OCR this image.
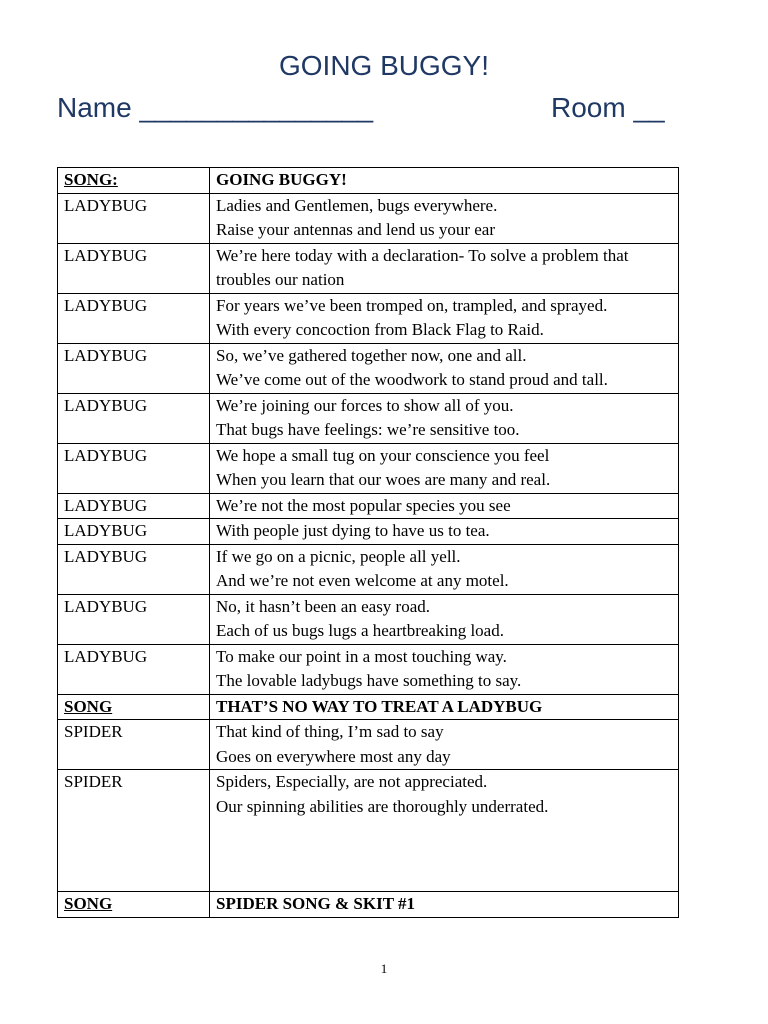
GOING BUGGY!
Name _______________	Room __
SONG:	GOING BUGGY!

LADYBUG	Ladies and Gentlemen, bugs everywhere.
Raise your antennas and lend us your ear

LADYBUG	We’re here today with a declaration- To solve a problem that troubles our nation

LADYBUG	For years we’ve been tromped on, trampled, and sprayed.
With every concoction from Black Flag to Raid.

LADYBUG	So, we’ve gathered together now, one and all.
We’ve come out of the woodwork to stand proud and tall.

LADYBUG	We’re joining our forces to show all of you.
That bugs have feelings: we’re sensitive too.

LADYBUG	We hope a small tug on your conscience you feel
When you learn that our woes are many and real.

LADYBUG	We’re not the most popular species you see

LADYBUG	With people just dying to have us to tea.

LADYBUG	If we go on a picnic, people all yell.
And we’re not even welcome at any motel.

LADYBUG	No, it hasn’t been an easy road.
Each of us bugs lugs a heartbreaking load.

LADYBUG	To make our point in a most touching way.
The lovable ladybugs have something to say.

SONG	THAT’S NO WAY TO TREAT A LADYBUG

SPIDER	That kind of thing, I’m sad to say
Goes on everywhere most any day

SPIDER	Spiders, Especially, are not appreciated.
Our spinning abilities are thoroughly underrated.

SONG	SPIDER SONG & SKIT #1
1
